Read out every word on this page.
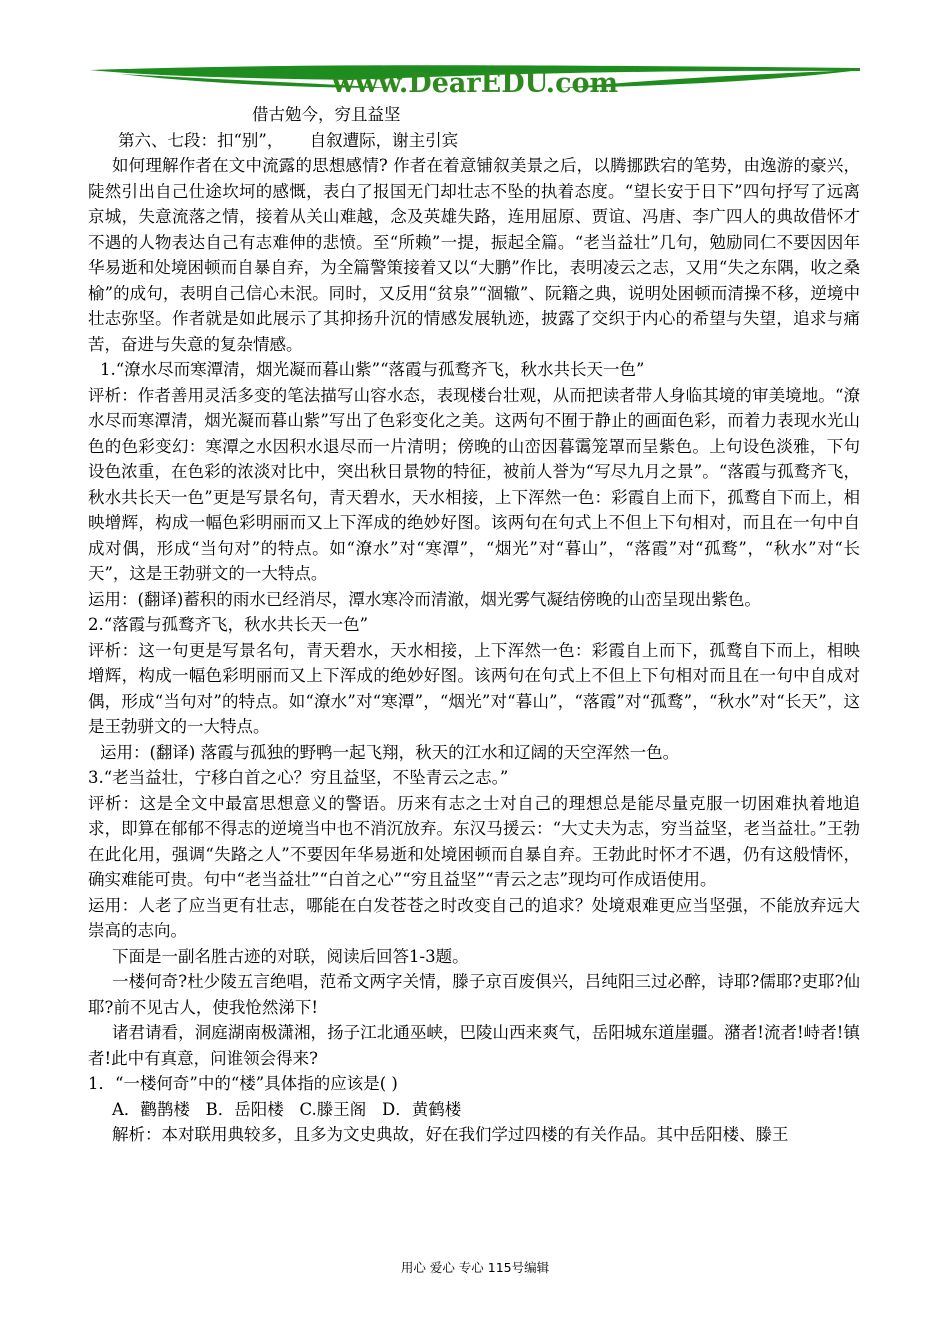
www.DearEDU.com

借古勉今，穷且益坚

第六、七段：扣“别”，     自叙遭际，谢主引宾

如何理解作者在文中流露的思想感情? 作者在着意铺叙美景之后，以腾挪跌宕的笔势，由逸游的豪兴，陡然引出自己仕途坎坷的感慨，表白了报国无门却壮志不坠的执着态度。“望长安于日下”四句抒写了远离京城，失意流落之情，接着从关山难越，念及英雄失路，连用屈原、贾谊、冯唐、李广四人的典故借怀才不遇的人物表达自己有志难伸的悲愤。至“所赖”一提，振起全篇。“老当益壮”几句，勉励同仁不要因因年华易逝和处境困顿而自暴自弃，为全篇警策接着又以“大鹏”作比，表明凌云之志，又用“失之东隅，收之桑榆”的成句，表明自己信心未泯。同时，又反用“贫泉”“涸辙”、阮籍之典，说明处困顿而清操不移，逆境中壮志弥坚。作者就是如此展示了其抑扬升沉的情感发展轨迹，披露了交织于内心的希望与失望，追求与痛苦，奋进与失意的复杂情感。

1.“潦水尽而寒潭清，烟光凝而暮山紫”“落霞与孤鹜齐飞，秋水共长天一色”

评析：作者善用灵活多变的笔法描写山容水态，表现楼台壮观，从而把读者带人身临其境的审美境地。“潦水尽而寒潭清，烟光凝而暮山紫”写出了色彩变化之美。这两句不囿于静止的画面色彩，而着力表现水光山色的色彩变幻：寒潭之水因积水退尽而一片清明；傍晚的山峦因暮霭笼罩而呈紫色。上句设色淡雅，下句设色浓重，在色彩的浓淡对比中，突出秋日景物的特征，被前人誉为“写尽九月之景”。“落霞与孤鹜齐飞，秋水共长天一色”更是写景名句，青天碧水，天水相接，上下浑然一色：彩霞自上而下，孤鹜自下而上，相映增辉，构成一幅色彩明丽而又上下浑成的绝妙好图。该两句在句式上不但上下句相对，而且在一句中自成对偶，形成“当句对”的特点。如“潦水”对“寒潭”，“烟光”对“暮山”，“落霞”对“孤鹜”，“秋水”对“长天”，这是王勃骈文的一大特点。

运用：(翻译)蓄积的雨水已经消尽，潭水寒冷而清澈，烟光雾气凝结傍晚的山峦呈现出紫色。

2.“落霞与孤鹜齐飞，秋水共长天一色”

评析：这一句更是写景名句，青天碧水，天水相接，上下浑然一色：彩霞自上而下，孤鹜自下而上，相映增辉，构成一幅色彩明丽而又上下浑成的绝妙好图。该两句在句式上不但上下句相对而且在一句中自成对偶，形成“当句对”的特点。如“潦水”对“寒潭”，“烟光”对“暮山”，“落霞”对“孤鹜”，“秋水”对“长天”，这是王勃骈文的一大特点。

运用：(翻译) 落霞与孤独的野鸭一起飞翔，秋天的江水和辽阔的天空浑然一色。

3.“老当益壮，宁移白首之心？穷且益坚，不坠青云之志。”

评析：这是全文中最富思想意义的警语。历来有志之士对自己的理想总是能尽量克服一切困难执着地追求，即算在郁郁不得志的逆境当中也不消沉放弃。东汉马援云：“大丈夫为志，穷当益坚，老当益壮。”王勃在此化用，强调“失路之人”不要因年华易逝和处境困顿而自暴自弃。王勃此时怀才不遇，仍有这般情怀，确实难能可贵。句中“老当益壮”“白首之心”“穷且益坚”“青云之志”现均可作成语使用。

运用：人老了应当更有壮志，哪能在白发苍苍之时改变自己的追求？处境艰难更应当坚强，不能放弃远大崇高的志向。

下面是一副名胜古迹的对联，阅读后回答1-3题。

一楼何奇?杜少陵五言绝唱，范希文两字关情，滕子京百废俱兴，吕纯阳三过必醉，诗耶?儒耶?吏耶?仙耶?前不见古人，使我怆然涕下!

诸君请看，洞庭湖南极潇湘，扬子江北通巫峡，巴陵山西来爽气，岳阳城东道崖疆。潴者!流者!峙者!镇者!此中有真意，问谁领会得来?

1．“一楼何奇”中的“楼”具体指的应该是( )

A．鹳鹊楼   B．岳阳楼   C.滕王阁   D．黄鹤楼

解析：本对联用典较多，且多为文史典故，好在我们学过四楼的有关作品。其中岳阳楼、滕王

用心 爱心 专心 115号编辑
